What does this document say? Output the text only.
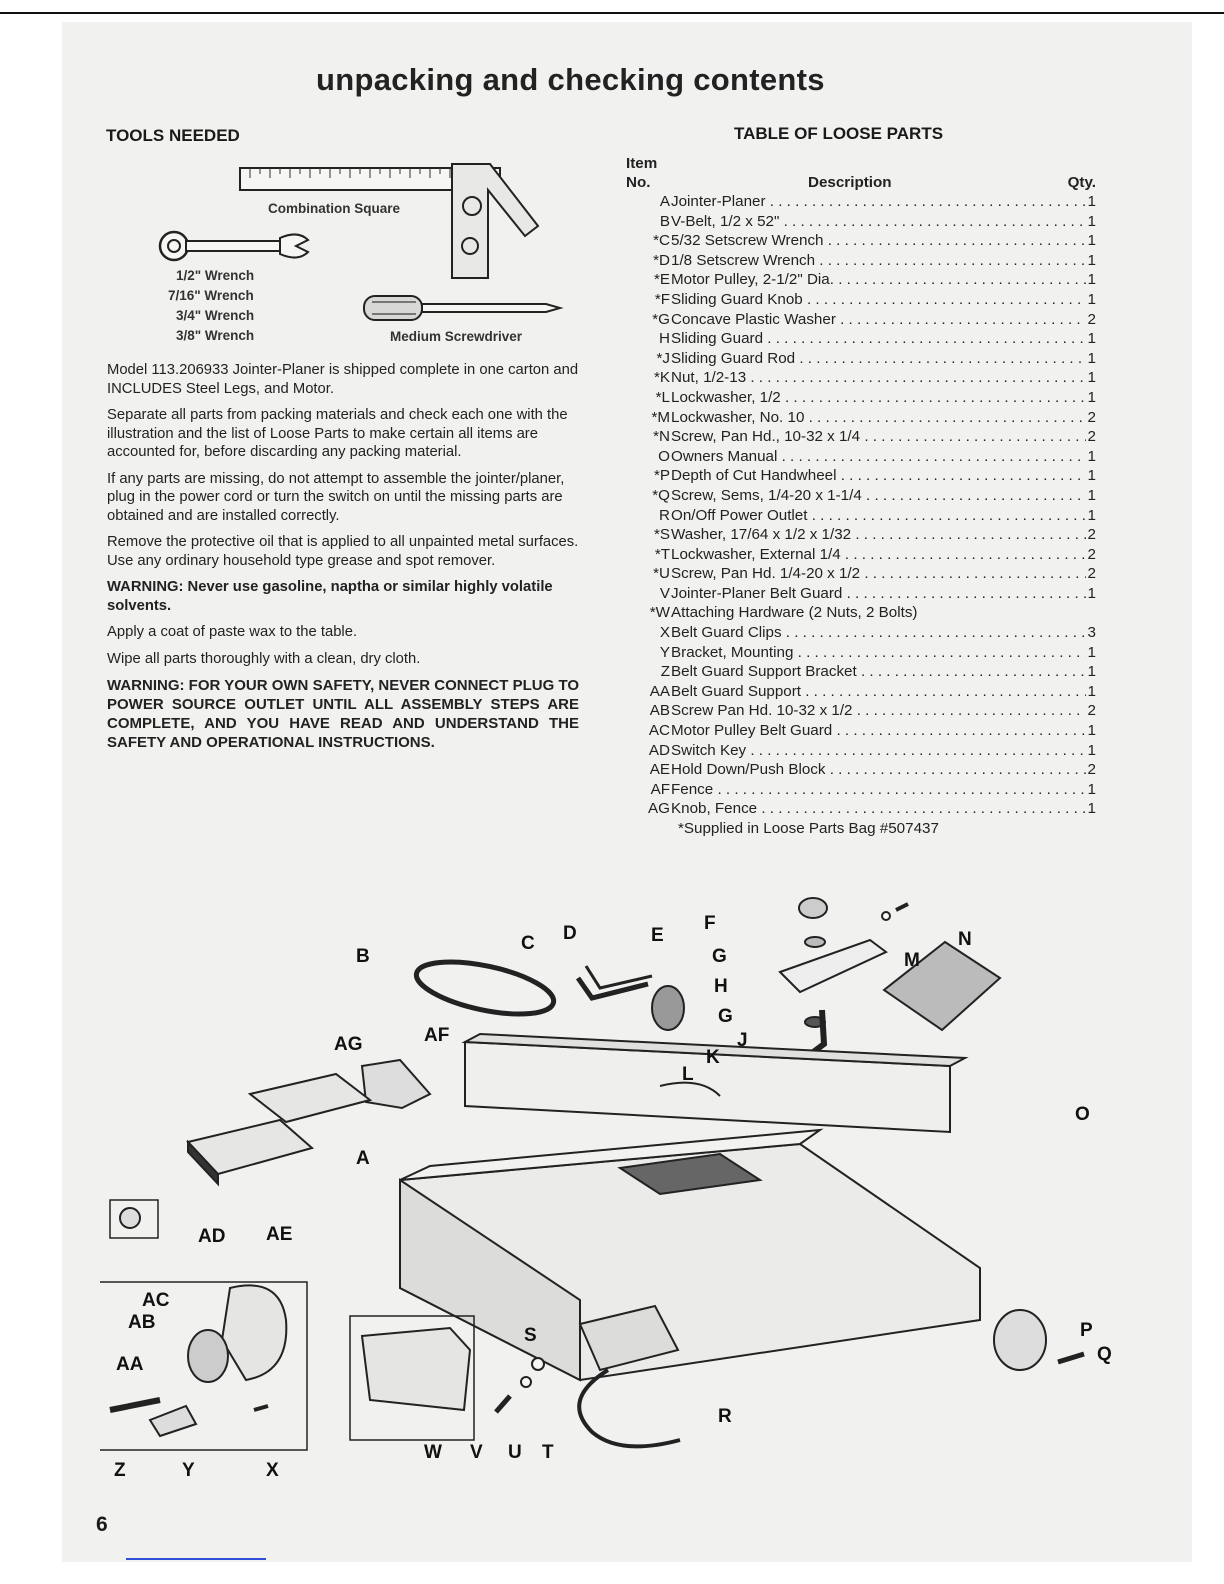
unpacking and checking contents
TOOLS NEEDED	TABLE OF LOOSE PARTS
Combination Square
1/2" Wrench
7/16" Wrench
3/4" Wrench
3/8" Wrench	Medium Screwdriver

Model 113.206933 Jointer-Planer is shipped complete in one carton and INCLUDES Steel Legs, and Motor.

Separate all parts from packing materials and check each one with the illustration and the list of Loose Parts to make certain all items are accounted for, before discarding any packing material.

If any parts are missing, do not attempt to assemble the jointer/planer, plug in the power cord or turn the switch on until the missing parts are obtained and are installed correctly.

Remove the protective oil that is applied to all unpainted metal surfaces. Use any ordinary household type grease and spot remover.

WARNING: Never use gasoline, naptha or similar highly volatile solvents.

Apply a coat of paste wax to the table.

Wipe all parts thoroughly with a clean, dry cloth.

WARNING: FOR YOUR OWN SAFETY, NEVER CONNECT PLUG TO POWER SOURCE OUTLET UNTIL ALL ASSEMBLY STEPS ARE COMPLETE, AND YOU HAVE READ AND UNDERSTAND THE SAFETY AND OPERATIONAL INSTRUCTIONS.

Item
No.	Description	Qty.
A Jointer-Planer . . .	1
B V-Belt, 1/2 x 52" . . .	1
*C 5/32 Setscrew Wrench . . .	1
*D 1/8 Setscrew Wrench . . .	1
*E Motor Pulley, 2-1/2" Dia. . . .	1
*F Sliding Guard Knob . . .	1
*G Concave Plastic Washer . . .	2
H Sliding Guard . . .	1
*J Sliding Guard Rod . . .	1
*K Nut, 1/2-13 . . .	1
*L Lockwasher, 1/2 . . .	1
*M Lockwasher, No. 10 . . .	2
*N Screw, Pan Hd., 10-32 x 1/4 . . .	2
O Owners Manual . . .	1
*P Depth of Cut Handwheel . . .	1
*Q Screw, Sems, 1/4-20 x 1-1/4 . . .	1
R On/Off Power Outlet . . .	1
*S Washer, 17/64 x 1/2 x 1/32 . . .	2
*T Lockwasher, External 1/4 . . .	2
*U Screw, Pan Hd. 1/4-20 x 1/2 . . .	2
V Jointer-Planer Belt Guard . . .	1
*W Attaching Hardware (2 Nuts, 2 Bolts)
X Belt Guard Clips . . .	3
Y Bracket, Mounting . . .	1
Z Belt Guard Support Bracket . . .	1
AA Belt Guard Support . . .	1
AB Screw Pan Hd. 10-32 x 1/2 . . .	2
AC Motor Pulley Belt Guard . . .	1
AD Switch Key . . .	1
AE Hold Down/Push Block . . .	2
AF Fence . . .	1
AG Knob, Fence . . .	1
*Supplied in Loose Parts Bag #507437
B
C D	E
F
G
G
H
J
K
L
M
N
O
P
Q
R
S
T
U
V
W
X
Y
Z
AA
AB
AC
AD AE
AF
AG
A
6
